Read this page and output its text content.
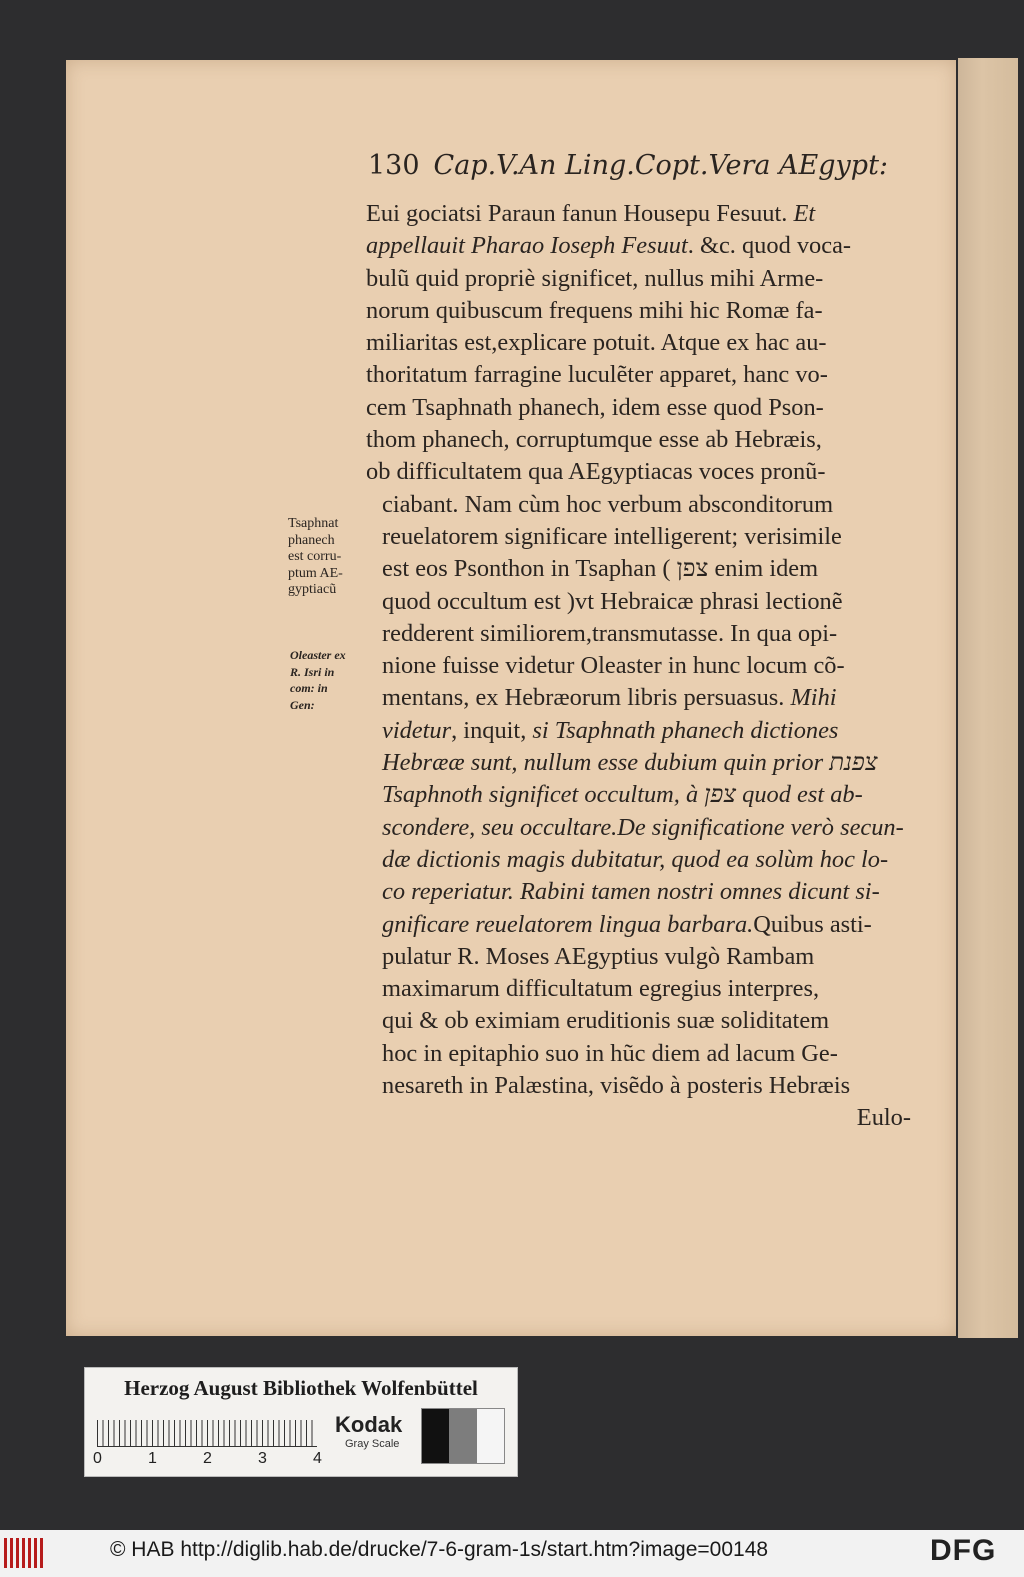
130 Cap.V.An Ling.Copt.Vera AEgypt:
Eui gociatsi Paraun fanun Housepu Fesuut. Et
appellauit Pharao Ioseph Fesuut. &c. quod voca-
bulũ quid propriè significet, nullus mihi Arme-
norum quibuscum frequens mihi hic Romæ fa-
miliaritas est,explicare potuit. Atque ex hac au-
thoritatum farragine luculẽter apparet, hanc vo-
cem Tsaphnath phanech, idem esse quod Pson-
thom phanech, corruptumque esse ab Hebræis,
ob difficultatem qua AEgyptiacas voces pronũ-
ciabant. Nam cùm hoc verbum absconditorum
reuelatorem significare intelligerent; verisimile
est eos Psonthon in Tsaphan ( צפן enim idem
quod occultum est )vt Hebraicæ phrasi lectionẽ
redderent similiorem,transmutasse. In qua opi-
nione fuisse videtur Oleaster in hunc locum cõ-
mentans, ex Hebræorum libris persuasus. Mihi
videtur, inquit, si Tsaphnath phanech dictiones
Hebrææ sunt, nullum esse dubium quin prior צפנת
Tsaphnoth significet occultum, à צפן quod est ab-
scondere, seu occultare.De significatione verò secun-
dæ dictionis magis dubitatur, quod ea solùm hoc lo-
co reperiatur. Rabini tamen nostri omnes dicunt si-
gnificare reuelatorem lingua barbara.Quibus asti-
pulatur R. Moses AEgyptius vulgò Rambam
maximarum difficultatum egregius interpres,
qui & ob eximiam eruditionis suæ soliditatem
hoc in epitaphio suo in hũc diem ad lacum Ge-
nesareth in Palæstina, visẽdo à posteris Hebræis
Eulo-
Tsaphnat
phanech
est corru-
ptum AE-
gyptiacũ
Oleaster ex
R. Isri in
com: in
Gen:
Herzog August Bibliothek Wolfenbüttel
0	1	2	3	4
Kodak
Gray Scale
© HAB http://diglib.hab.de/drucke/7-6-gram-1s/start.htm?image=00148	DFG
